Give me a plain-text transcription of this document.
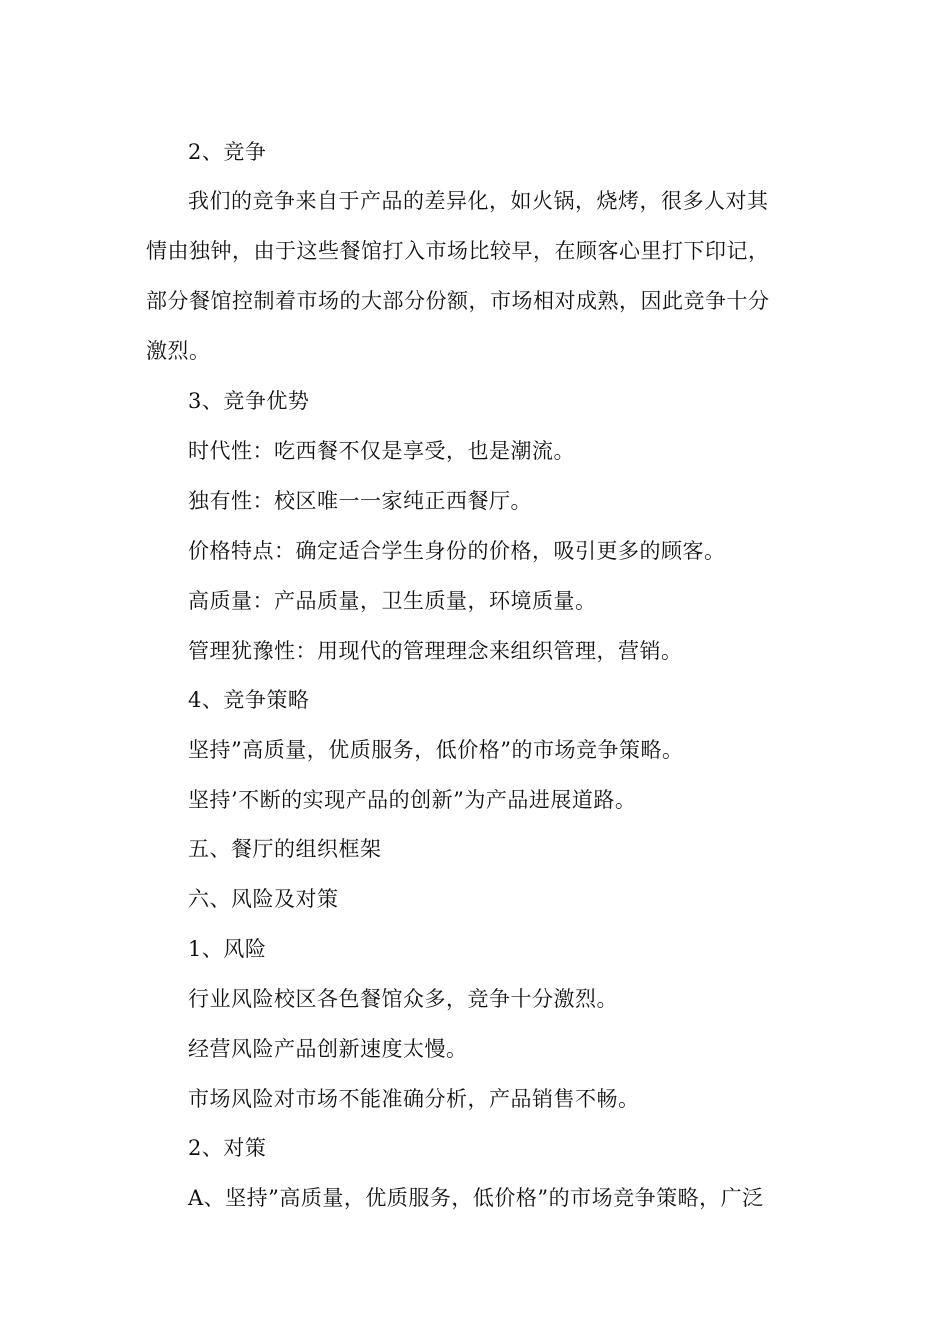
2、竞争
我们的竞争来自于产品的差异化，如火锅，烧烤，很多人对其
情由独钟，由于这些餐馆打入市场比较早，在顾客心里打下印记，
部分餐馆控制着市场的大部分份额，市场相对成熟，因此竞争十分
激烈。
3、竞争优势
时代性：吃西餐不仅是享受，也是潮流。
独有性：校区唯一一家纯正西餐厅。
价格特点：确定适合学生身份的价格，吸引更多的顾客。
高质量：产品质量，卫生质量，环境质量。
管理犹豫性：用现代的管理理念来组织管理，营销。
4、竞争策略
坚持”高质量，优质服务，低价格”的市场竞争策略。
坚持’不断的实现产品的创新”为产品进展道路。
五、餐厅的组织框架
六、风险及对策
1、风险
行业风险校区各色餐馆众多，竞争十分激烈。
经营风险产品创新速度太慢。
市场风险对市场不能准确分析，产品销售不畅。
2、对策
A、坚持”高质量，优质服务，低价格”的市场竞争策略，广泛
